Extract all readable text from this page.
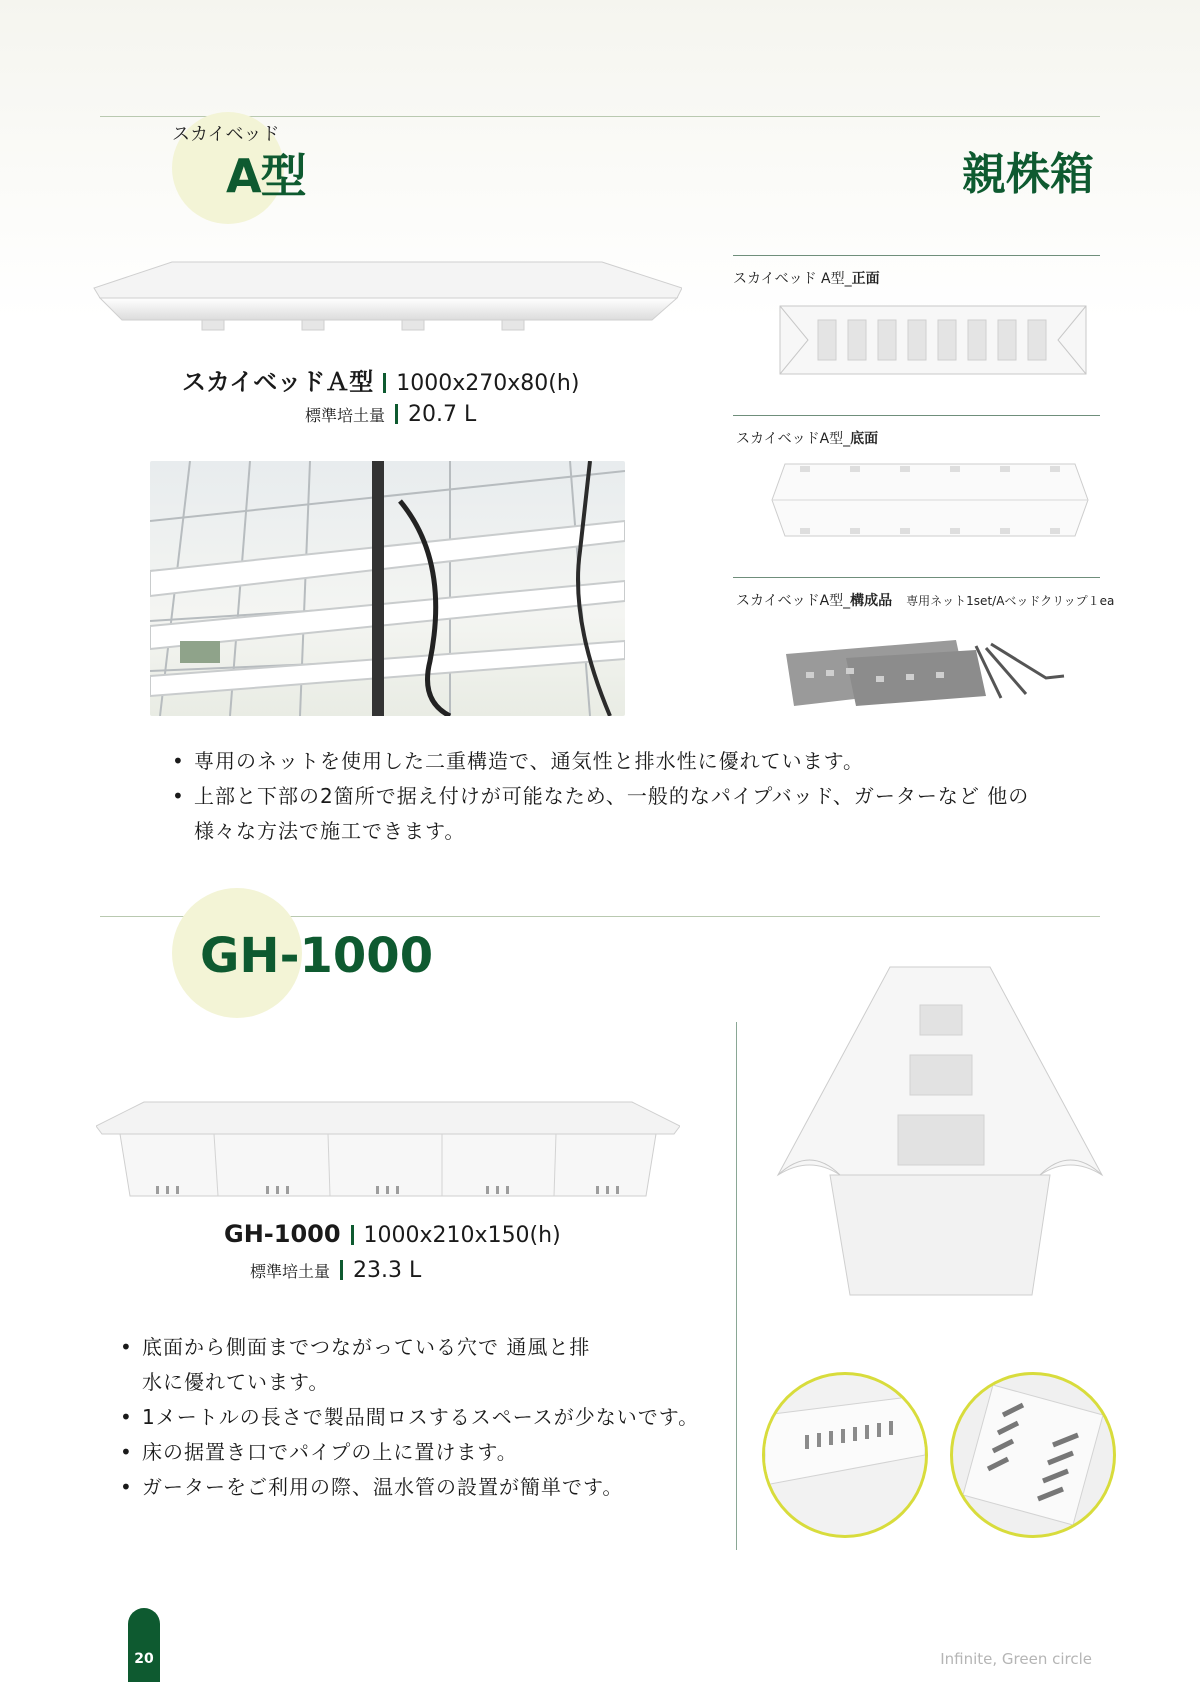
スカイベッド
A型	親株箱
スカイベッドＡ型 1000x270x80(h)
標準培土量 20.7 L
スカイベッド A型_正面
スカイベッドA型_底面
スカイベッドA型_構成品 専用ネット1set/Aベッドクリップ１ea
• 専用のネットを使用した二重構造で、通気性と排水性に優れています。
• 上部と下部の2箇所で据え付けが可能なため、一般的なパイプバッド、ガーターなど 他の様々な方法で施工できます。
GH-1000
GH-1000 1000x210x150(h)
標準培土量 23.3 L
• 底面から側面までつながっている穴で 通風と排水に優れています。
• 1メートルの長さで製品間ロスするスペースが少ないです。
• 床の据置き口でパイプの上に置けます。
• ガーターをご利用の際、温水管の設置が簡単です。
20	Infinite, Green circle
